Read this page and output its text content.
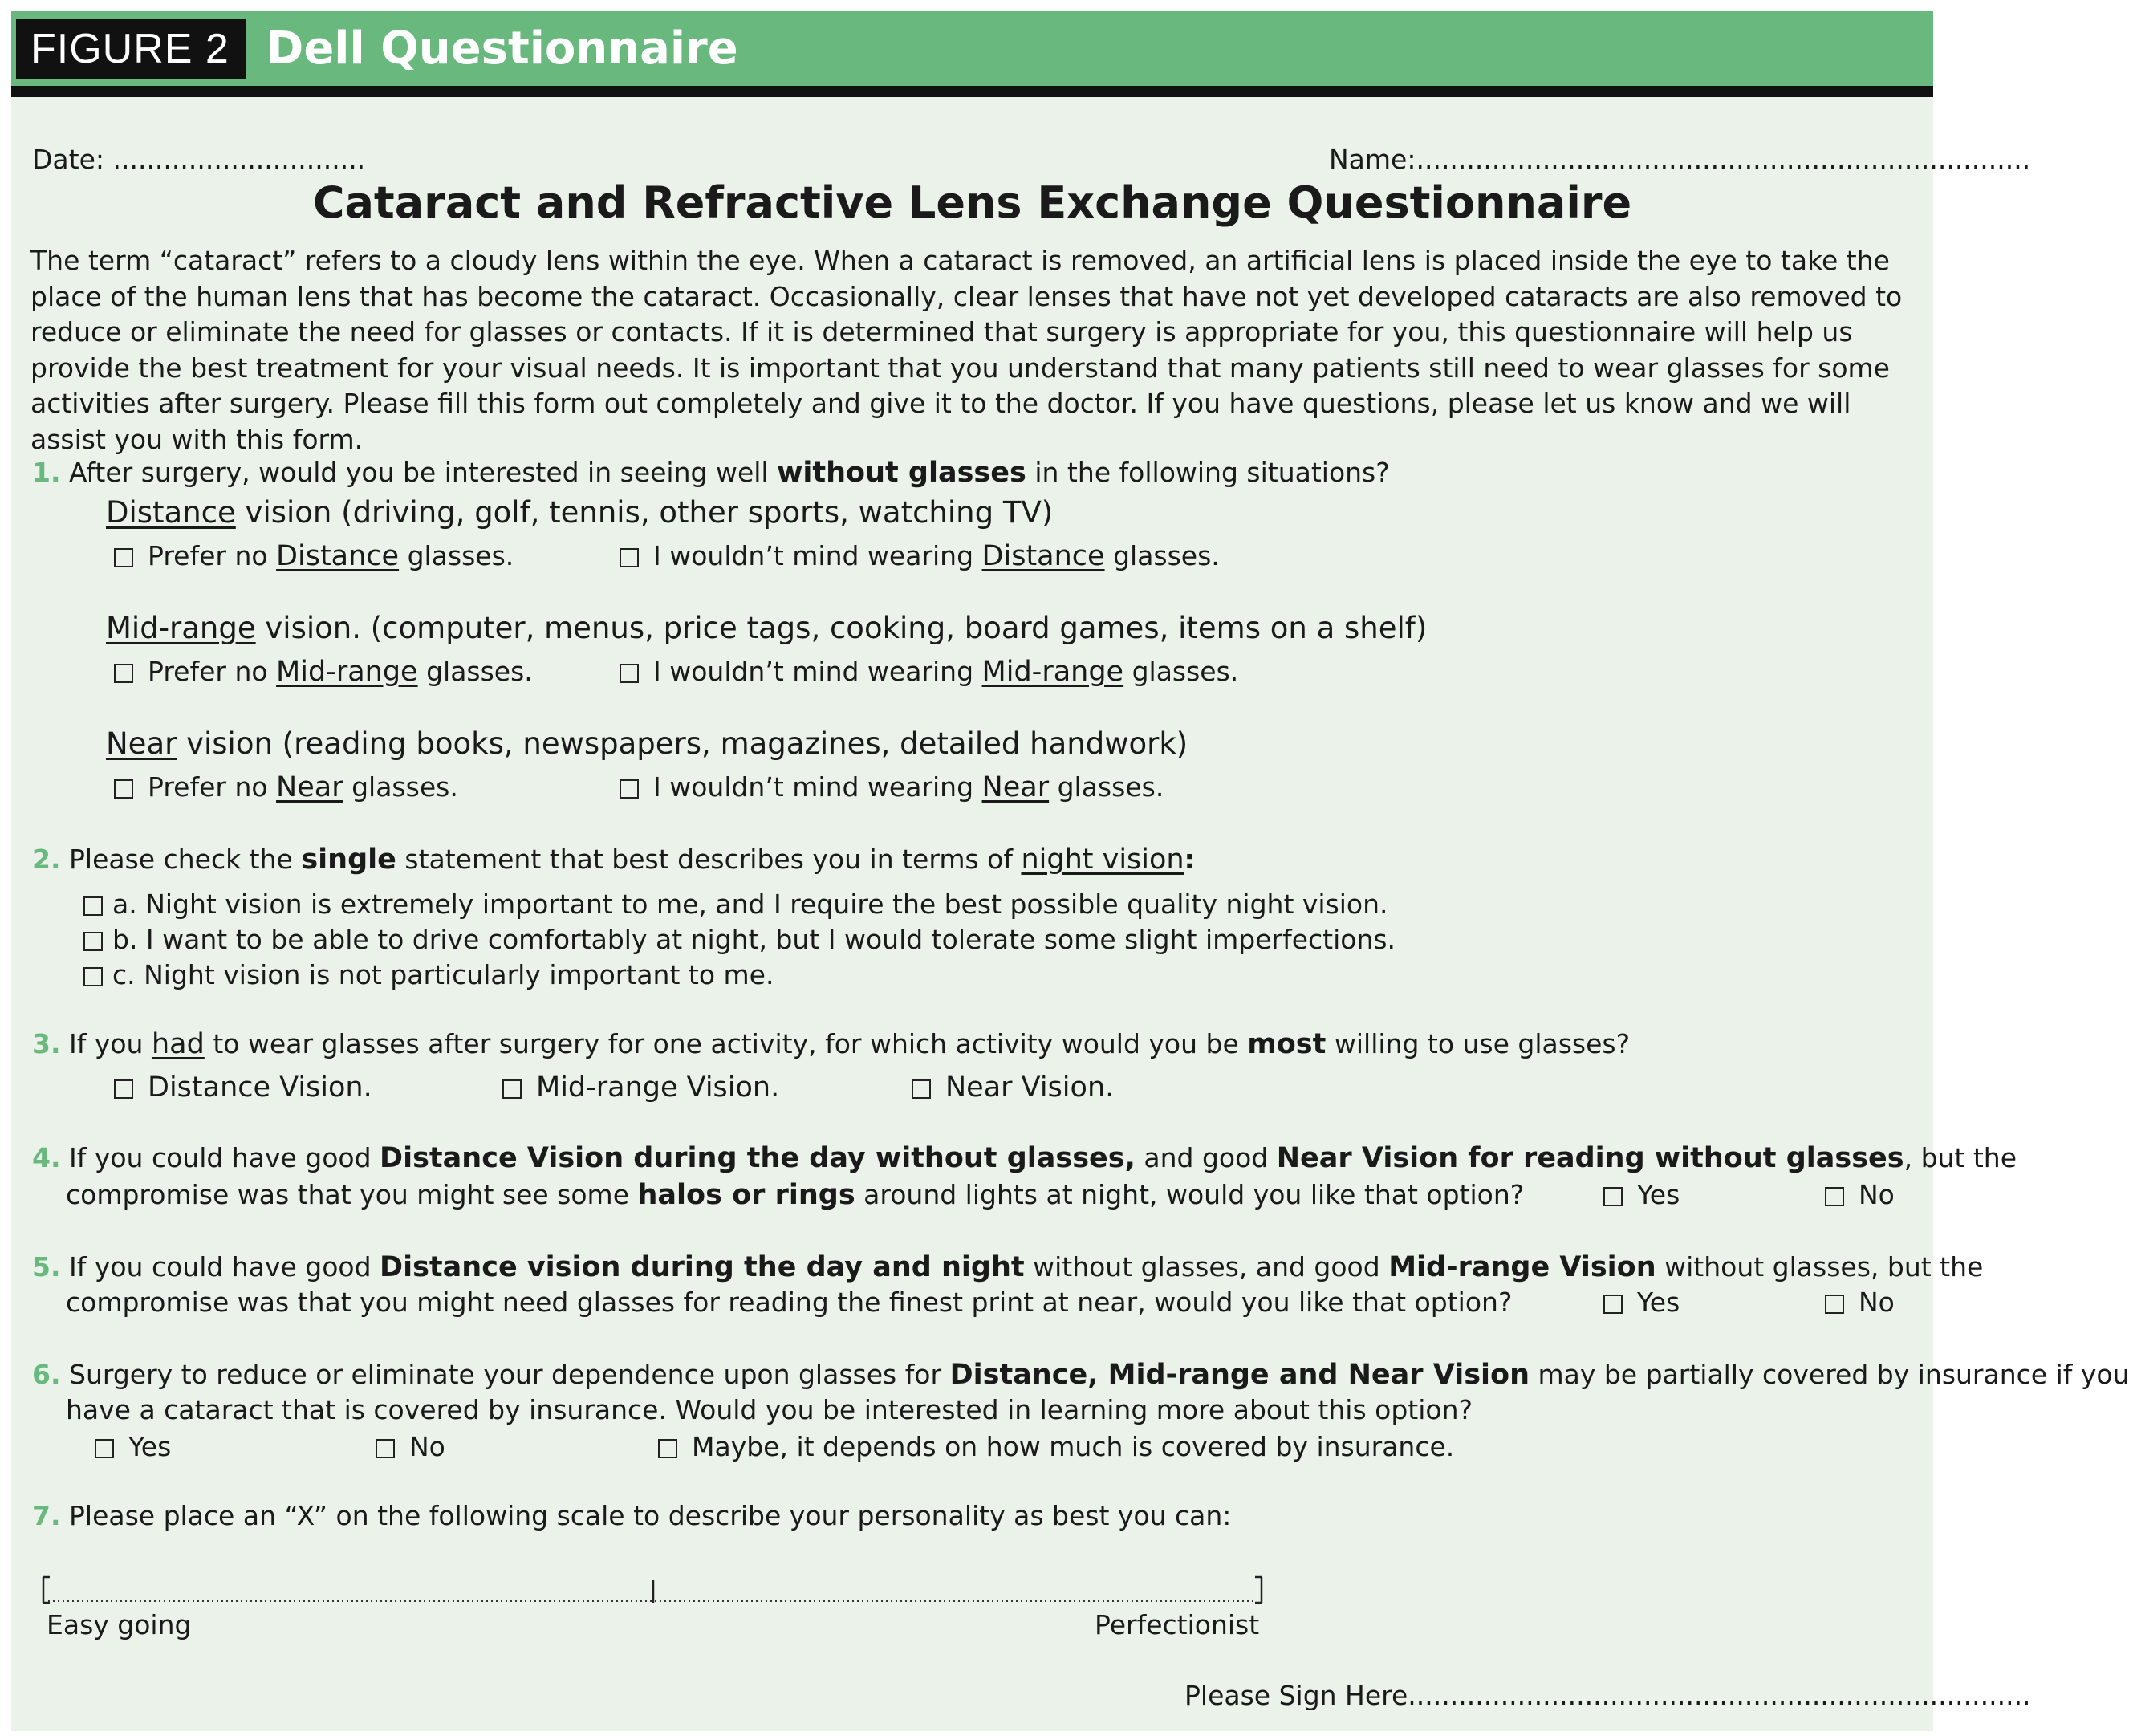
FIGURE 2 Dell Questionnaire
Date: ..............................	Name:.........................................................................
Cataract and Refractive Lens Exchange Questionnaire
The term “cataract” refers to a cloudy lens within the eye. When a cataract is removed, an artificial lens is placed inside the eye to take the place of the human lens that has become the cataract. Occasionally, clear lenses that have not yet developed cataracts are also removed to reduce or eliminate the need for glasses or contacts. If it is determined that surgery is appropriate for you, this questionnaire will help us provide the best treatment for your visual needs. It is important that you understand that many patients still need to wear glasses for some activities after surgery. Please fill this form out completely and give it to the doctor. If you have questions, please let us know and we will assist you with this form.
1. After surgery, would you be interested in seeing well without glasses in the following situations?
Distance vision (driving, golf, tennis, other sports, watching TV)
Prefer no Distance glasses.	I wouldn’t mind wearing Distance glasses.
Mid-range vision. (computer, menus, price tags, cooking, board games, items on a shelf)
Prefer no Mid-range glasses.	I wouldn’t mind wearing Mid-range glasses.
Near vision (reading books, newspapers, magazines, detailed handwork)
Prefer no Near glasses.	I wouldn’t mind wearing Near glasses.
2. Please check the single statement that best describes you in terms of night vision:
a. Night vision is extremely important to me, and I require the best possible quality night vision.
b. I want to be able to drive comfortably at night, but I would tolerate some slight imperfections.
c. Night vision is not particularly important to me.
3. If you had to wear glasses after surgery for one activity, for which activity would you be most willing to use glasses?
Distance Vision.	Mid-range Vision.	Near Vision.
4. If you could have good Distance Vision during the day without glasses, and good Near Vision for reading without glasses, but the
compromise was that you might see some halos or rings around lights at night, would you like that option?	Yes	No
5. If you could have good Distance vision during the day and night without glasses, and good Mid-range Vision without glasses, but the
compromise was that you might need glasses for reading the finest print at near, would you like that option?	Yes	No
6. Surgery to reduce or eliminate your dependence upon glasses for Distance, Mid-range and Near Vision may be partially covered by insurance if you
have a cataract that is covered by insurance. Would you be interested in learning more about this option?
Yes	No	Maybe, it depends on how much is covered by insurance.
7. Please place an “X” on the following scale to describe your personality as best you can:
Easy going	Perfectionist
Please Sign Here..........................................................................
